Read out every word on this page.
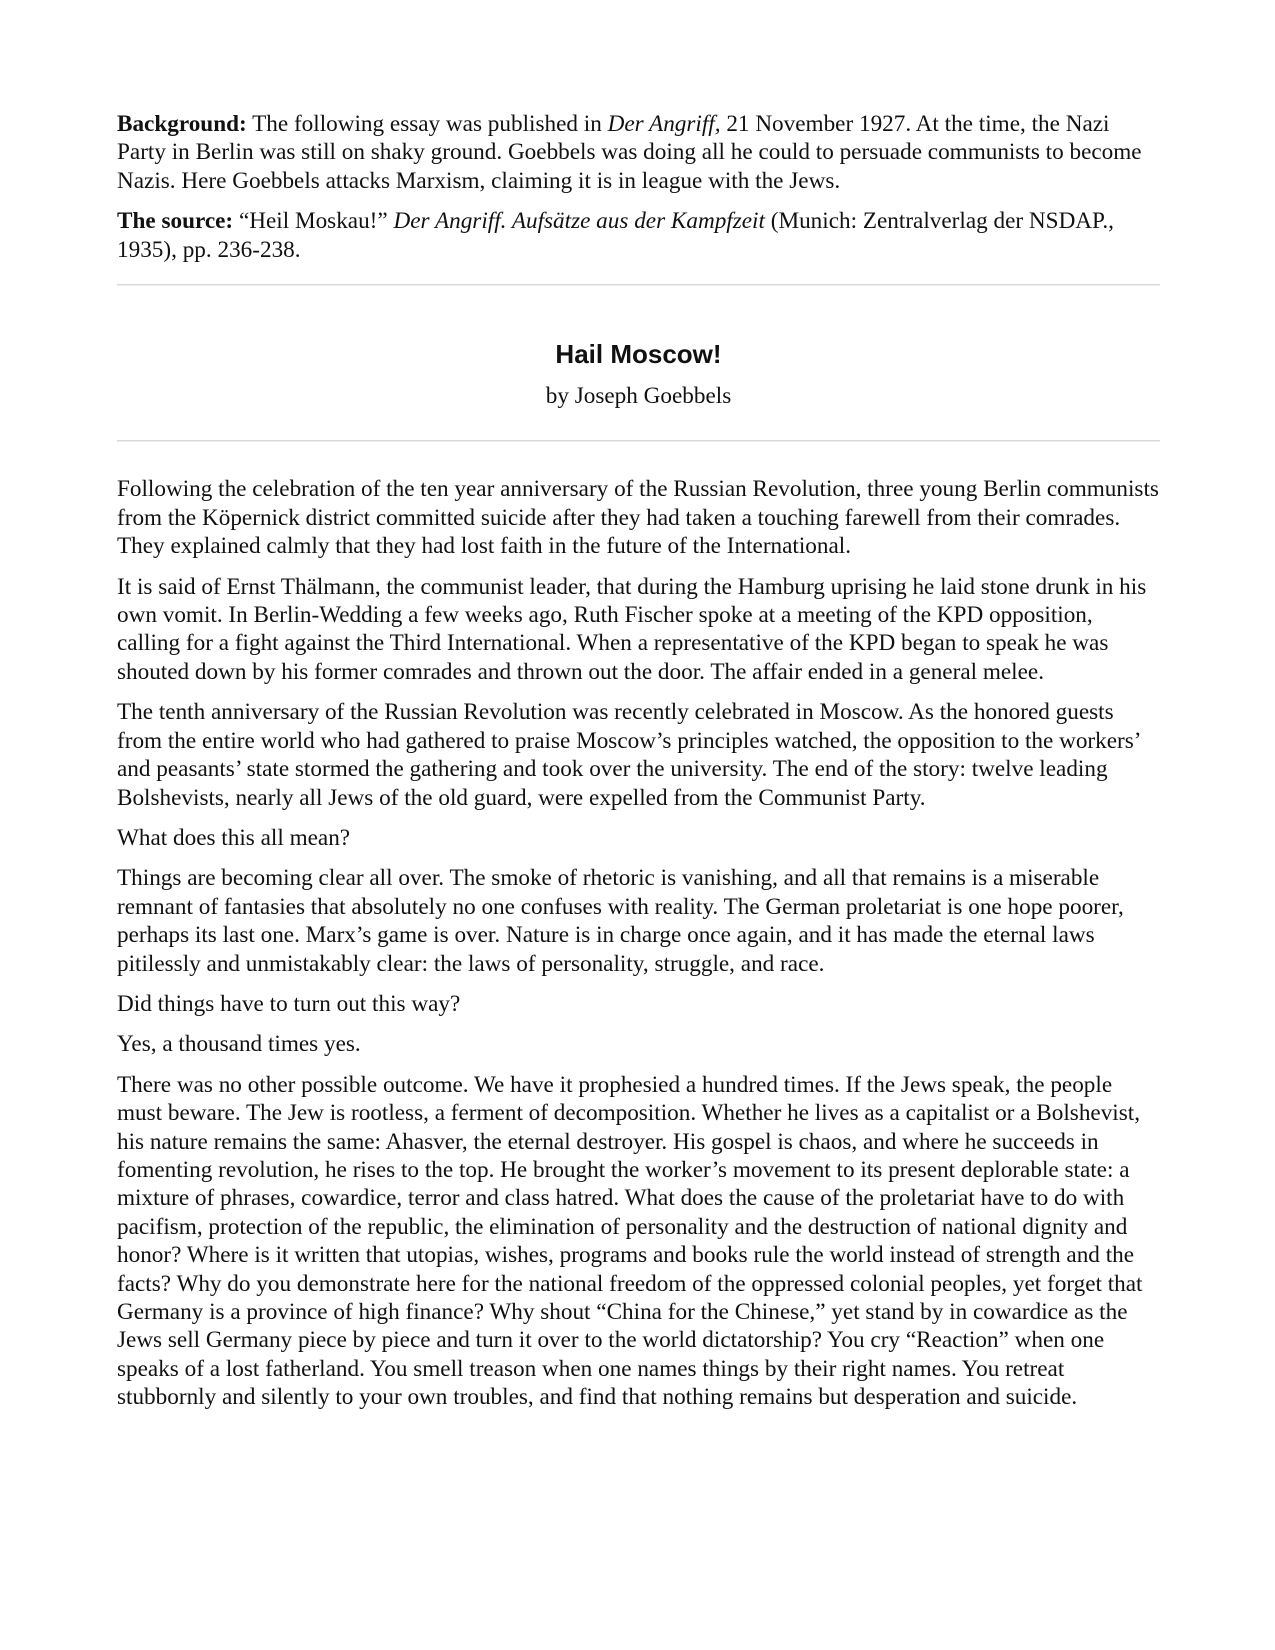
Background: The following essay was published in Der Angriff, 21 November 1927. At the time, the Nazi Party in Berlin was still on shaky ground. Goebbels was doing all he could to persuade communists to become Nazis. Here Goebbels attacks Marxism, claiming it is in league with the Jews.

The source: “Heil Moskau!” Der Angriff. Aufsätze aus der Kampfzeit (Munich: Zentralverlag der NSDAP., 1935), pp. 236-238.

Hail Moscow!
by Joseph Goebbels

Following the celebration of the ten year anniversary of the Russian Revolution, three young Berlin communists from the Köpernick district committed suicide after they had taken a touching farewell from their comrades. They explained calmly that they had lost faith in the future of the International.

It is said of Ernst Thälmann, the communist leader, that during the Hamburg uprising he laid stone drunk in his own vomit. In Berlin-Wedding a few weeks ago, Ruth Fischer spoke at a meeting of the KPD opposition, calling for a fight against the Third International. When a representative of the KPD began to speak he was shouted down by his former comrades and thrown out the door. The affair ended in a general melee.

The tenth anniversary of the Russian Revolution was recently celebrated in Moscow. As the honored guests from the entire world who had gathered to praise Moscow’s principles watched, the opposition to the workers’ and peasants’ state stormed the gathering and took over the university. The end of the story: twelve leading Bolshevists, nearly all Jews of the old guard, were expelled from the Communist Party.

What does this all mean?

Things are becoming clear all over. The smoke of rhetoric is vanishing, and all that remains is a miserable remnant of fantasies that absolutely no one confuses with reality. The German proletariat is one hope poorer, perhaps its last one. Marx’s game is over. Nature is in charge once again, and it has made the eternal laws pitilessly and unmistakably clear: the laws of personality, struggle, and race.

Did things have to turn out this way?

Yes, a thousand times yes.

There was no other possible outcome. We have it prophesied a hundred times. If the Jews speak, the people must beware. The Jew is rootless, a ferment of decomposition. Whether he lives as a capitalist or a Bolshevist, his nature remains the same: Ahasver, the eternal destroyer. His gospel is chaos, and where he succeeds in fomenting revolution, he rises to the top. He brought the worker’s movement to its present deplorable state: a mixture of phrases, cowardice, terror and class hatred. What does the cause of the proletariat have to do with pacifism, protection of the republic, the elimination of personality and the destruction of national dignity and honor? Where is it written that utopias, wishes, programs and books rule the world instead of strength and the facts? Why do you demonstrate here for the national freedom of the oppressed colonial peoples, yet forget that Germany is a province of high finance? Why shout “China for the Chinese,” yet stand by in cowardice as the Jews sell Germany piece by piece and turn it over to the world dictatorship? You cry “Reaction” when one speaks of a lost fatherland. You smell treason when one names things by their right names. You retreat stubbornly and silently to your own troubles, and find that nothing remains but desperation and suicide.
